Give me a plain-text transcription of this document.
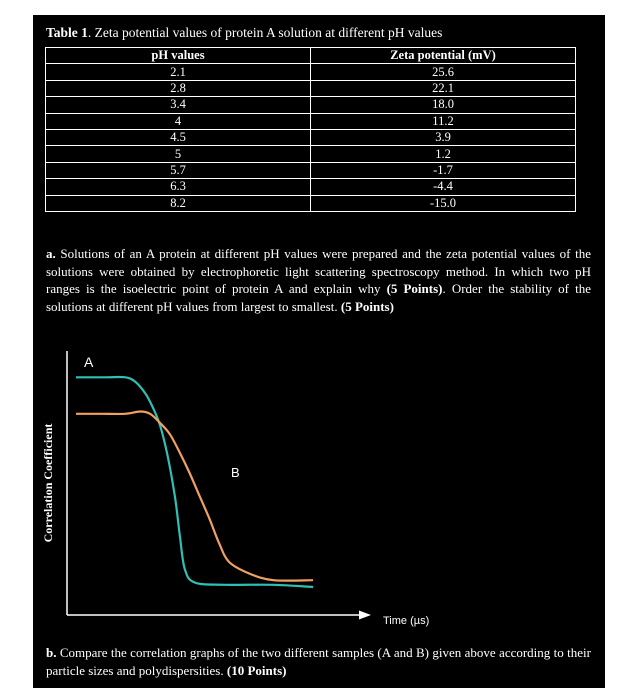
Table 1. Zeta potential values of protein A solution at different pH values
pH values	Zeta potential (mV)
2.1	25.6
2.8	22.1
3.4	18.0
4	11.2
4.5	3.9
5	1.2
5.7	-1.7
6.3	-4.4
8.2	-15.0

a. Solutions of an A protein at different pH values were prepared and the zeta potential values of the solutions were obtained by electrophoretic light scattering spectroscopy method. In which two pH ranges is the isoelectric point of protein A and explain why (5 Points). Order the stability of the solutions at different pH values from largest to smallest. (5 Points)

Correlation Coefficient
Time (µs)
A
B

b. Compare the correlation graphs of the two different samples (A and B) given above according to their particle sizes and polydispersities. (10 Points)
